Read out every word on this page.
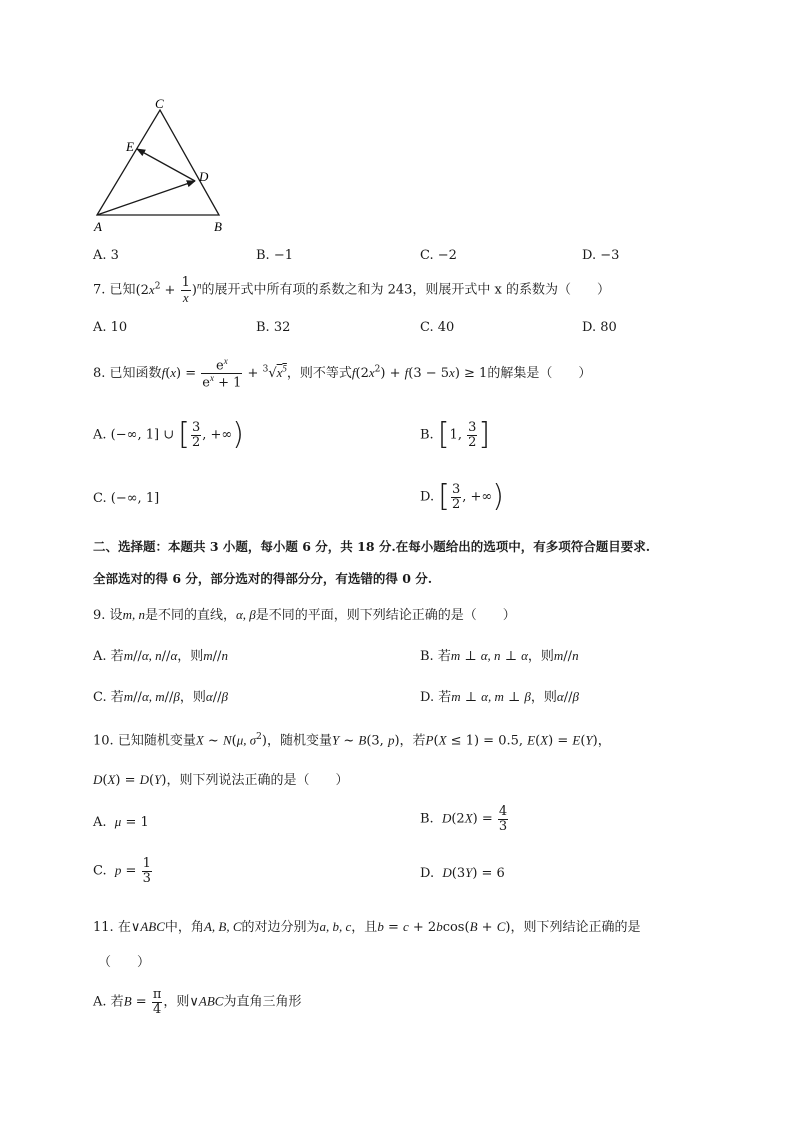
C
E
D
A	B
A. 3	B. −1	C. −2	D. −3
7. 已知$(2x^2 + \frac{1}{x} )^n$的展开式中所有项的系数之和为 243，则展开式中 x 的系数为（　　）
A. 10	B. 32	C. 40	D. 80
8. 已知函数$f(x) = \frac{e^x}{e^x + 1} + ^3√x^5$，则不等式$f(2x^2) + f(3 - 5x) \ge 1$的解集是（　　）
A. (−∞, 1] ∪ [ $\frac{3}{2}$ , +∞)	B. [1, $\frac{3}{2}$ ]
C. (−∞, 1]	D. [ $\frac{3}{2}$ , +∞)
二、选择题：本题共 3 小题，每小题 6 分，共 18 分.在每小题给出的选项中，有多项符合题目要求.
全部选对的得 6 分，部分选对的得部分分，有选错的得 0 分.
9. 设m, n是不同的直线，α, β是不同的平面，则下列结论正确的是（　　）
A. 若m//α, n//α，则m//n	B. 若m ⊥ α, n ⊥ α，则m//n
C. 若m//α, m//β，则α//β	D. 若m ⊥ α, m ⊥ β，则α//β
10. 已知随机变量X ~ N(μ, $\sigma^2$)，随机变量Y ~ B(3, p)，若P(X ≤ 1) = 0.5, E(X) = E(Y)，
D(X) = D(Y)，则下列说法正确的是（　　）
A. μ = 1	B. $D(2X) = \frac{4}{3}$
C. $p = \frac{1}{3}$	D. D(3Y) = 6
11. 在∨ABC中，角A, B, C的对边分别为a, b, c，且b = c + 2bcos(B + C)，则下列结论正确的是
（　　）
A. 若$B = \frac{\pi}{4}$ ，则∨ABC为直角三角形
